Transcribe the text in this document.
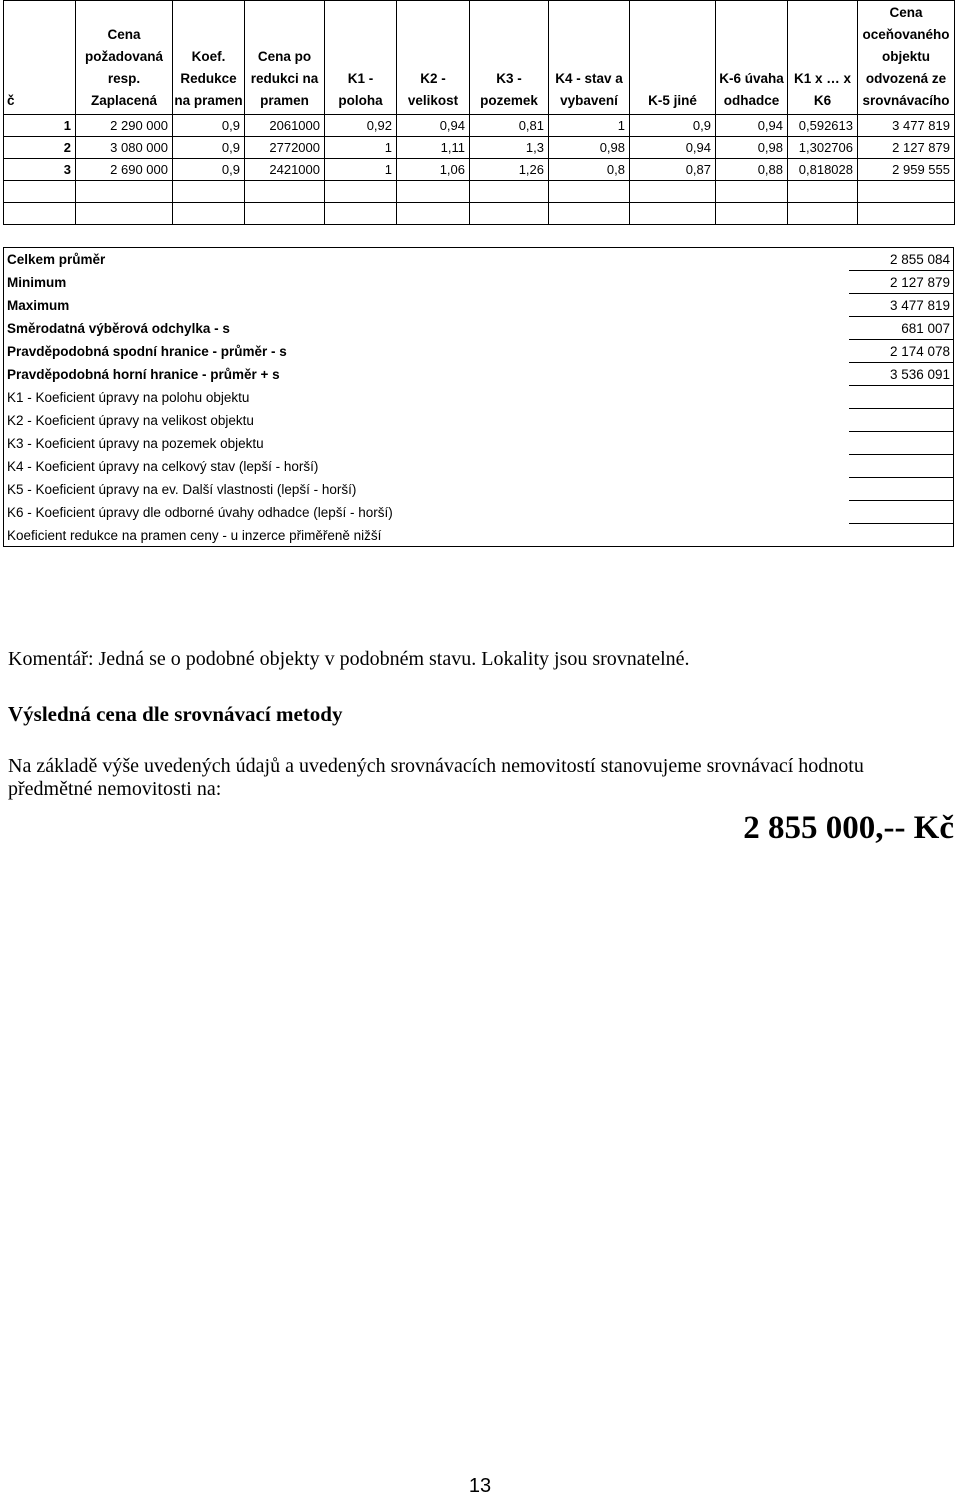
č	Cena požadovaná resp. Zaplacená	Koef. Redukce na pramen	Cena po redukci na pramen	K1 - poloha	K2 - velikost	K3 - pozemek	K4 - stav a vybavení	K-5 jiné	K-6 úvaha odhadce	K1 x … x K6	Cena oceňovaného objektu odvozená ze srovnávacího
1	2 290 000	0,9	2061000	0,92	0,94	0,81	1	0,9	0,94	0,592613	3 477 819
2	3 080 000	0,9	2772000	1	1,11	1,3	0,98	0,94	0,98	1,302706	2 127 879
3	2 690 000	0,9	2421000	1	1,06	1,26	0,8	0,87	0,88	0,818028	2 959 555

Celkem průměr	2 855 084
Minimum	2 127 879
Maximum	3 477 819
Směrodatná výběrová odchylka - s	681 007
Pravděpodobná spodní hranice - průměr - s	2 174 078
Pravděpodobná horní hranice - průměr + s	3 536 091
K1 - Koeficient úpravy na polohu objektu	
K2 - Koeficient úpravy na velikost objektu	
K3 - Koeficient úpravy na pozemek objektu	
K4 - Koeficient úpravy na celkový stav (lepší - horší)	
K5 - Koeficient úpravy na ev. Další vlastnosti (lepší - horší)	
K6 - Koeficient úpravy dle odborné úvahy odhadce (lepší - horší)	
Koeficient redukce na pramen ceny - u inzerce přiměřeně nižší	
Komentář: Jedná se o podobné objekty v podobném stavu. Lokality jsou srovnatelné.
Výsledná cena dle srovnávací metody
Na základě výše uvedených údajů a uvedených srovnávacích nemovitostí stanovujeme srovnávací hodnotu předmětné nemovitosti na:
2 855 000,-- Kč
13
